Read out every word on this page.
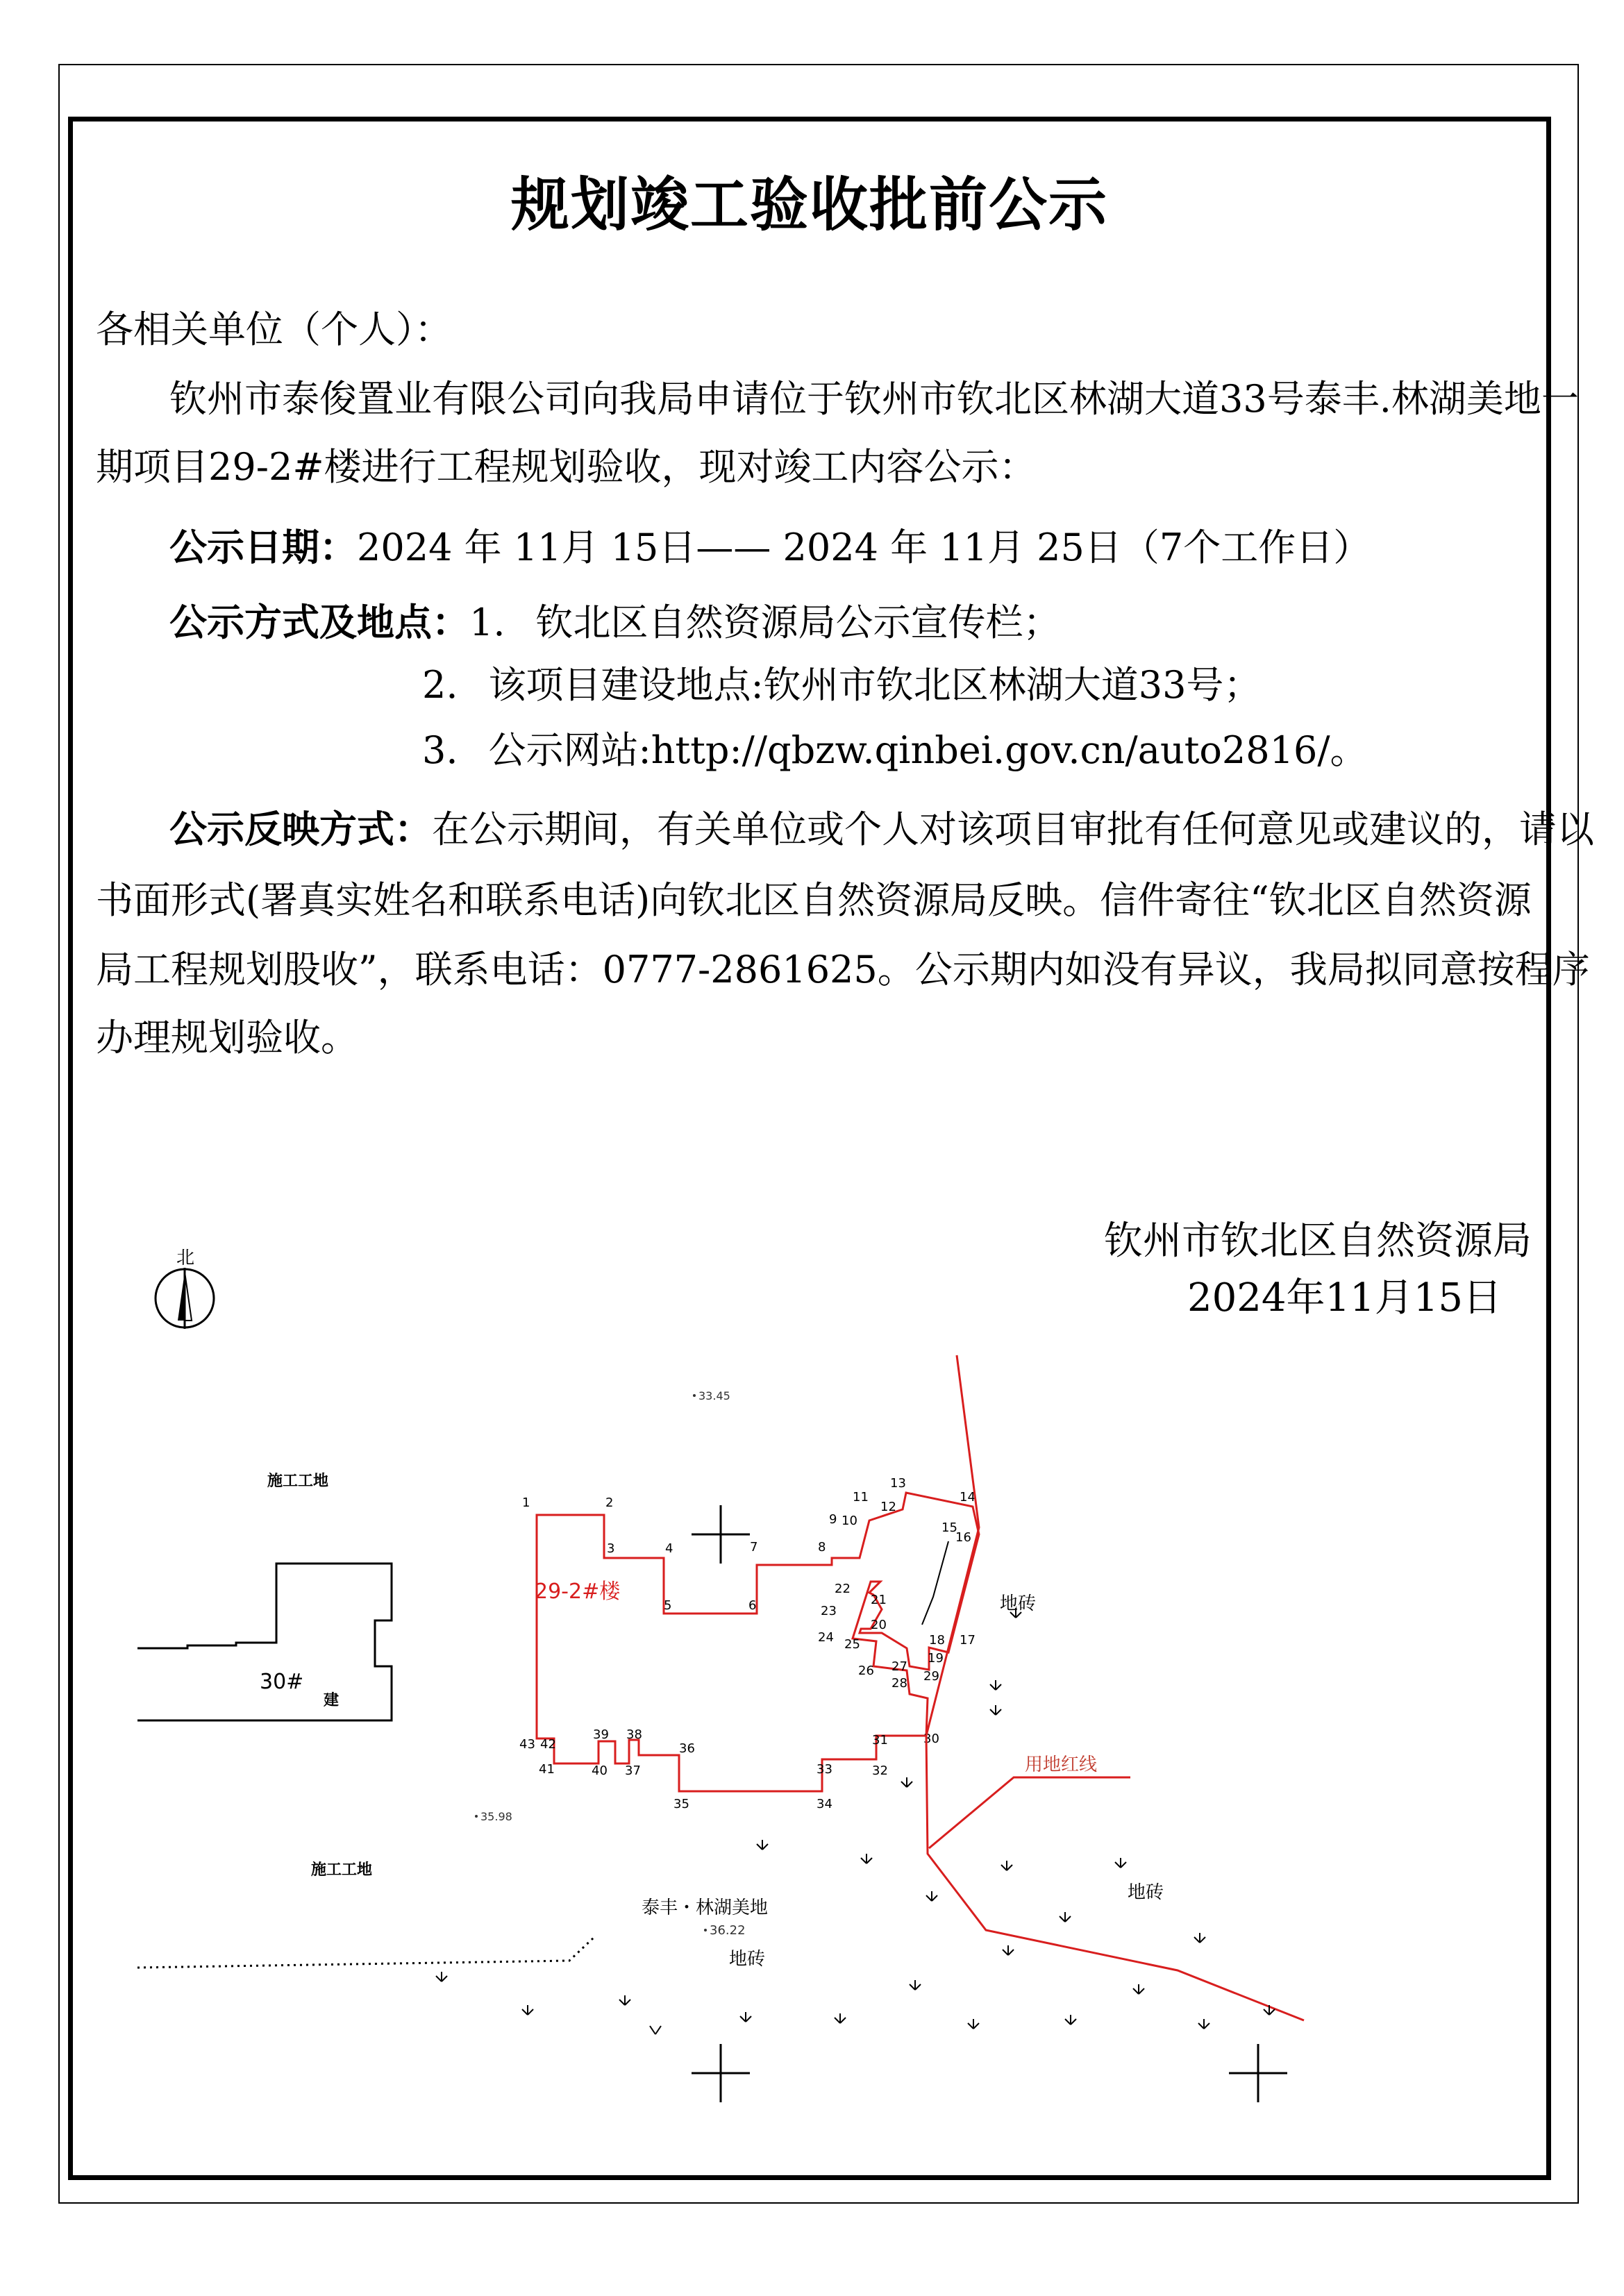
规划竣工验收批前公示
各相关单位（个人）：
钦州市泰俊置业有限公司向我局申请位于钦州市钦北区林湖大道33号泰丰.林湖美地一
期项目29-2#楼进行工程规划验收，现对竣工内容公示：
公示日期：2024 年 11月 15日—— 2024 年 11月 25日（7个工作日）
公示方式及地点：1. 钦北区自然资源局公示宣传栏；
2. 该项目建设地点:钦州市钦北区林湖大道33号；
3. 公示网站:http://qbzw.qinbei.gov.cn/auto2816/。
公示反映方式：在公示期间，有关单位或个人对该项目审批有任何意见或建议的，请以
书面形式(署真实姓名和联系电话)向钦北区自然资源局反映。信件寄往“钦北区自然资源
局工程规划股收”，联系电话：0777-2861625。公示期内如没有异议，我局拟同意按程序
办理规划验收。
钦州市钦北区自然资源局
2024年11月15日
北
施工工地
施工工地
30#
建
29-2#楼
1	2
3	4
5	6
7	8
9 10
11
12
13
14
15
16
17
18
19
20
21
22
23
24 25
26 27
28 29
30
31
32
33
34
35
36
37
38
39
40
41
42
43
用地红线
地砖
地砖
地砖
泰丰・林湖美地
33.45
35.98
36.22
